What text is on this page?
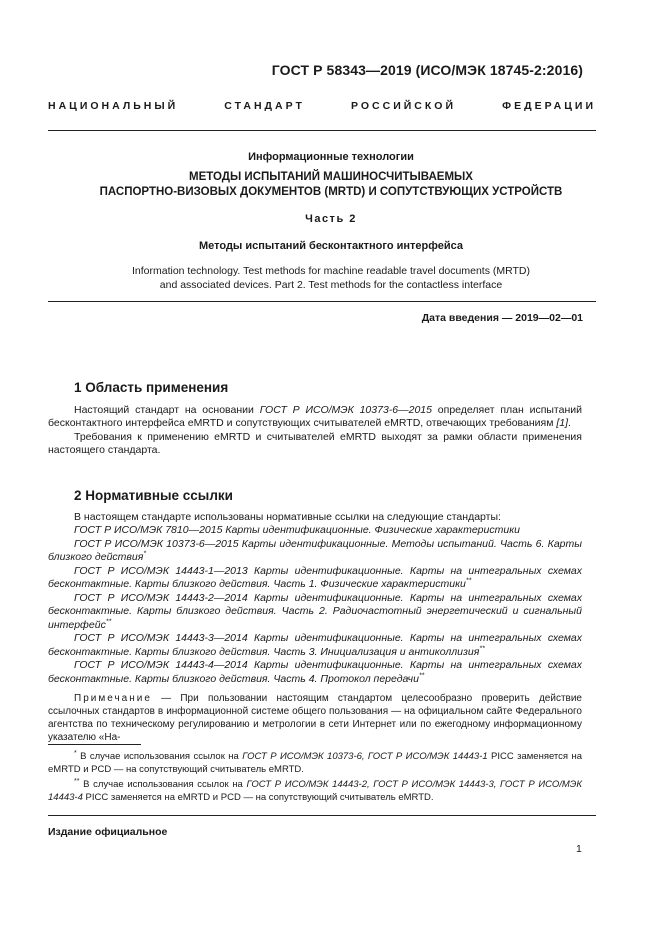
ГОСТ Р 58343—2019 (ИСО/МЭК 18745-2:2016)
НАЦИОНАЛЬНЫЙ СТАНДАРТ РОССИЙСКОЙ ФЕДЕРАЦИИ
Информационные технологии
МЕТОДЫ ИСПЫТАНИЙ МАШИНОСЧИТЫВАЕМЫХ
ПАСПОРТНО-ВИЗОВЫХ ДОКУМЕНТОВ (MRTD) И СОПУТСТВУЮЩИХ УСТРОЙСТВ
Часть 2
Методы испытаний бесконтактного интерфейса
Information technology. Test methods for machine readable travel documents (MRTD)
and associated devices. Part 2. Test methods for the contactless interface
Дата введения — 2019—02—01
1 Область применения

Настоящий стандарт на основании ГОСТ Р ИСО/МЭК 10373-6—2015 определяет план испытаний бесконтактного интерфейса eMRTD и сопутствующих считывателей eMRTD, отвечающих требованиям [1].

Требования к применению eMRTD и считывателей eMRTD выходят за рамки области применения настоящего стандарта.

2 Нормативные ссылки

В настоящем стандарте использованы нормативные ссылки на следующие стандарты:

ГОСТ Р ИСО/МЭК 7810—2015 Карты идентификационные. Физические характеристики

ГОСТ Р ИСО/МЭК 10373-6—2015 Карты идентификационные. Методы испытаний. Часть 6. Карты близкого действия*

ГОСТ Р ИСО/МЭК 14443-1—2013 Карты идентификационные. Карты на интегральных схемах бесконтактные. Карты близкого действия. Часть 1. Физические характеристики**

ГОСТ Р ИСО/МЭК 14443-2—2014 Карты идентификационные. Карты на интегральных схемах бесконтактные. Карты близкого действия. Часть 2. Радиочастотный энергетический и сигнальный интерфейс**

ГОСТ Р ИСО/МЭК 14443-3—2014 Карты идентификационные. Карты на интегральных схемах бесконтактные. Карты близкого действия. Часть 3. Инициализация и антиколлизия**

ГОСТ Р ИСО/МЭК 14443-4—2014 Карты идентификационные. Карты на интегральных схемах бесконтактные. Карты близкого действия. Часть 4. Протокол передачи**

Примечание — При пользовании настоящим стандартом целесообразно проверить действие ссылочных стандартов в информационной системе общего пользования — на официальном сайте Федерального агентства по техническому регулированию и метрологии в сети Интернет или по ежегодному информационному указателю «На-

* В случае использования ссылок на ГОСТ Р ИСО/МЭК 10373-6, ГОСТ Р ИСО/МЭК 14443-1 PICC заменяется на eMRTD и PCD — на сопутствующий считыватель eMRTD.

** В случае использования ссылок на ГОСТ Р ИСО/МЭК 14443-2, ГОСТ Р ИСО/МЭК 14443-3, ГОСТ Р ИСО/МЭК 14443-4 PICC заменяется на eMRTD и PCD — на сопутствующий считыватель eMRTD.

Издание официальное
1
